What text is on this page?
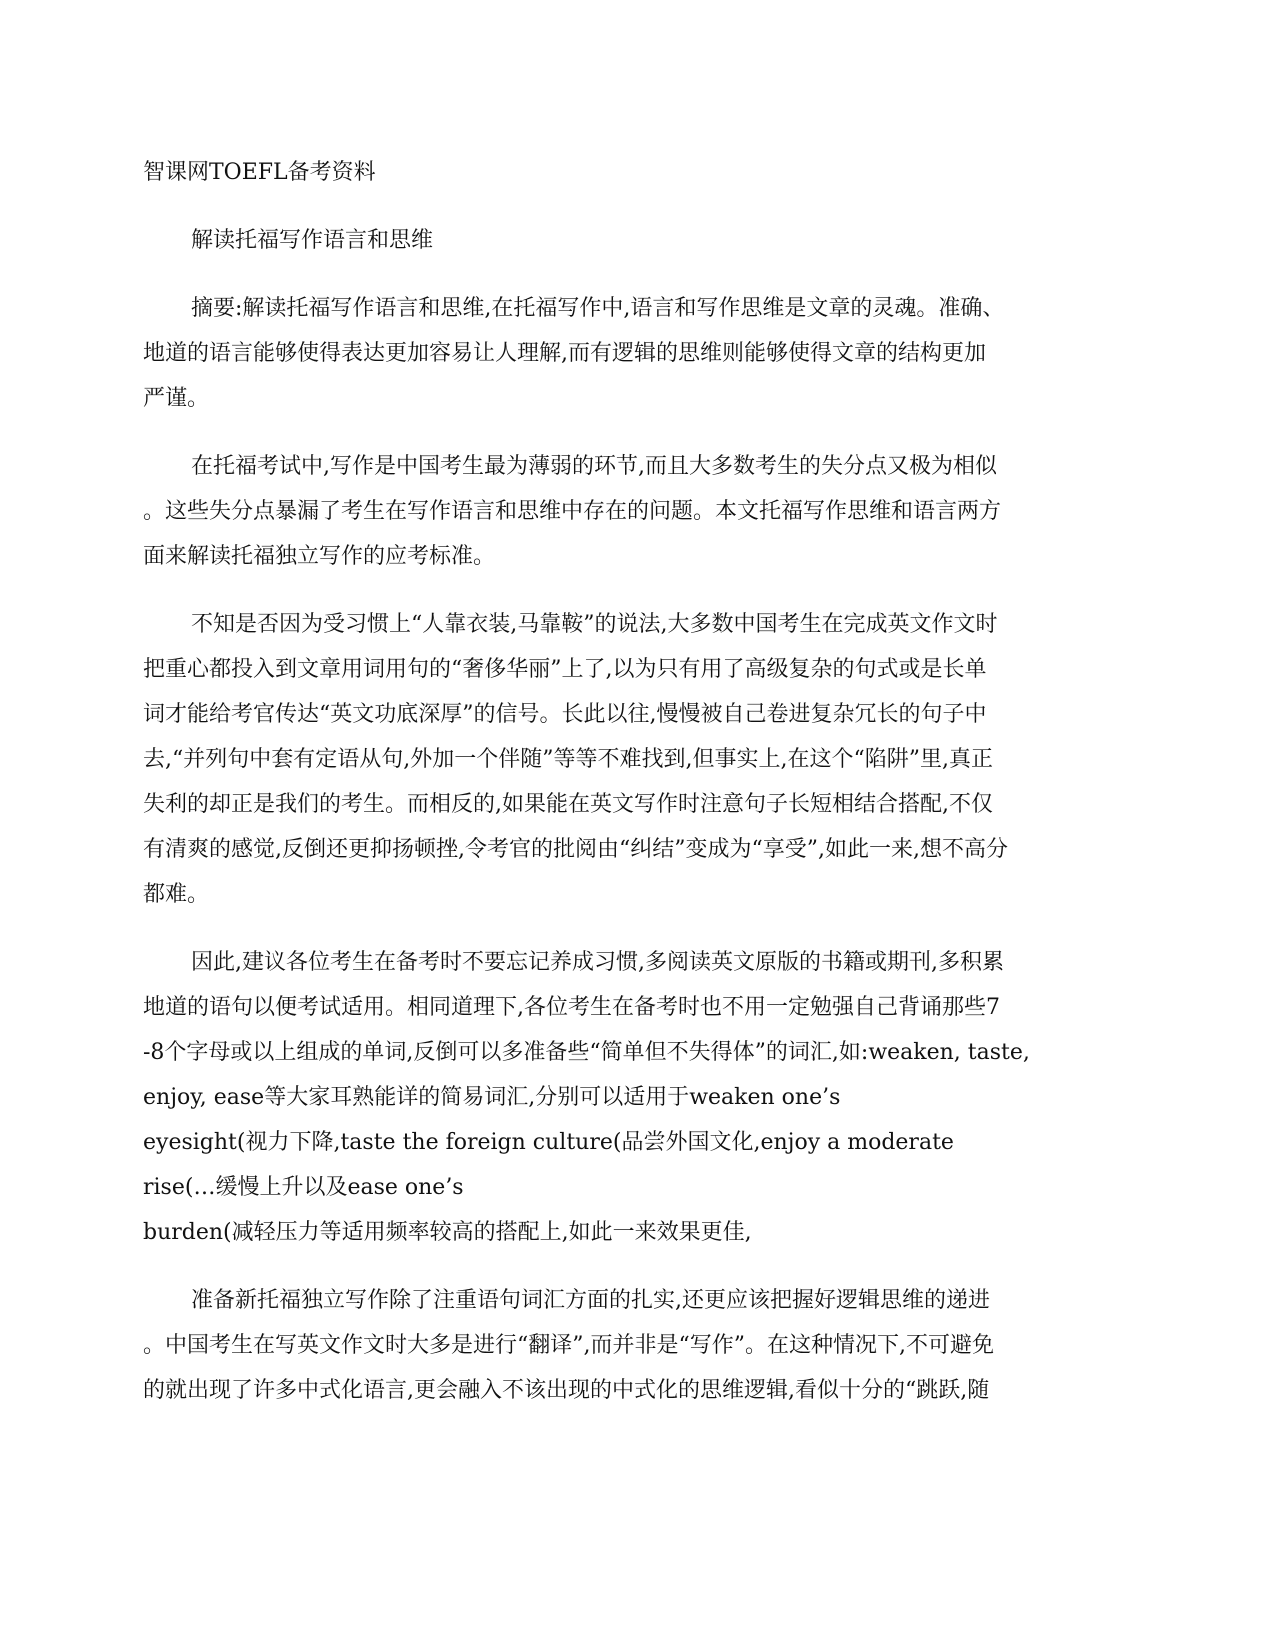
智课网TOEFL备考资料
解读托福写作语言和思维
摘要:解读托福写作语言和思维,在托福写作中,语言和写作思维是文章的灵魂。准确、
地道的语言能够使得表达更加容易让人理解,而有逻辑的思维则能够使得文章的结构更加
严谨。
在托福考试中,写作是中国考生最为薄弱的环节,而且大多数考生的失分点又极为相似
。这些失分点暴漏了考生在写作语言和思维中存在的问题。本文托福写作思维和语言两方
面来解读托福独立写作的应考标准。
不知是否因为受习惯上“人靠衣装,马靠鞍”的说法,大多数中国考生在完成英文作文时
把重心都投入到文章用词用句的“奢侈华丽”上了,以为只有用了高级复杂的句式或是长单
词才能给考官传达“英文功底深厚”的信号。长此以往,慢慢被自己卷进复杂冗长的句子中
去,“并列句中套有定语从句,外加一个伴随”等等不难找到,但事实上,在这个“陷阱”里,真正
失利的却正是我们的考生。而相反的,如果能在英文写作时注意句子长短相结合搭配,不仅
有清爽的感觉,反倒还更抑扬顿挫,令考官的批阅由“纠结”变成为“享受”,如此一来,想不高分
都难。
因此,建议各位考生在备考时不要忘记养成习惯,多阅读英文原版的书籍或期刊,多积累
地道的语句以便考试适用。相同道理下,各位考生在备考时也不用一定勉强自己背诵那些7
-8个字母或以上组成的单词,反倒可以多准备些“简单但不失得体”的词汇,如:weaken, taste,
enjoy, ease等大家耳熟能详的简易词汇,分别可以适用于weaken one’s
eyesight(视力下降,taste the foreign culture(品尝外国文化,enjoy a moderate
rise(…缓慢上升以及ease one’s
burden(减轻压力等适用频率较高的搭配上,如此一来效果更佳,
准备新托福独立写作除了注重语句词汇方面的扎实,还更应该把握好逻辑思维的递进
。中国考生在写英文作文时大多是进行“翻译”,而并非是“写作”。在这种情况下,不可避免
的就出现了许多中式化语言,更会融入不该出现的中式化的思维逻辑,看似十分的“跳跃,随
